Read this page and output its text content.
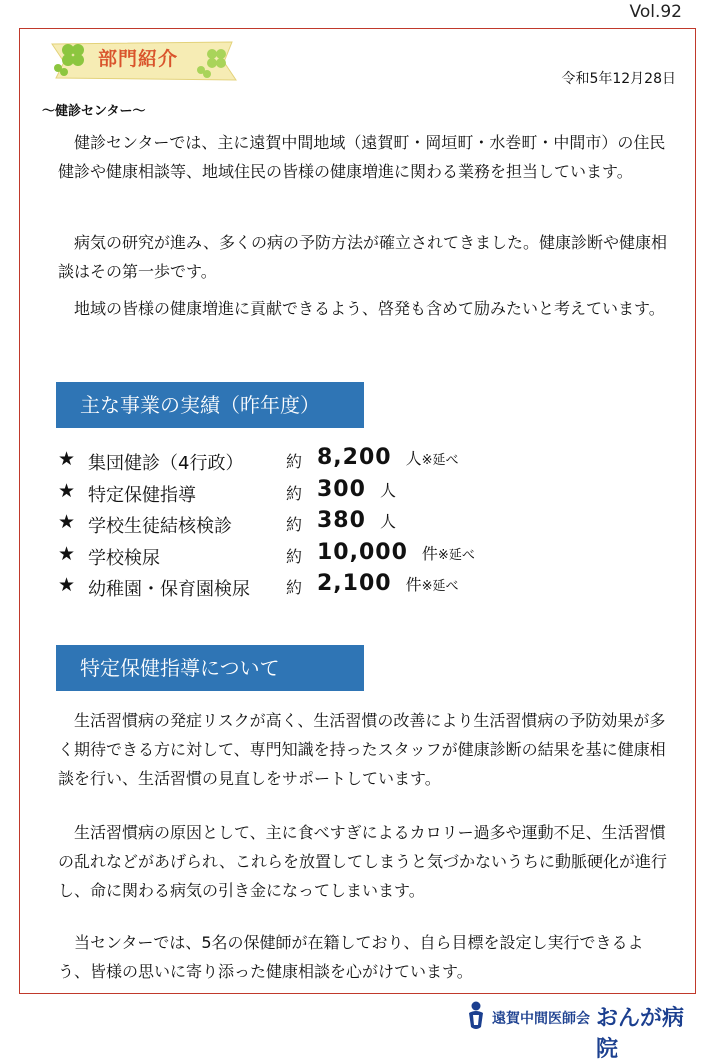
Vol.92
部門紹介
令和5年12月28日
～健診センター～

　健診センターでは、主に遠賀中間地域（遠賀町・岡垣町・水巻町・中間市）の住民健診や健康相談等、地域住民の皆様の健康増進に関わる業務を担当しています。

　病気の研究が進み、多くの病の予防方法が確立されてきました。健康診断や健康相談はその第一歩です。

　地域の皆様の健康増進に貢献できるよう、啓発も含めて励みたいと考えています。

主な事業の実績（昨年度）
★ 集団健診（4行政）	約 8,200 人※延べ
★ 特定保健指導	約 300 人
★ 学校生徒結核検診	約 380 人
★ 学校検尿	約 10,000 件※延べ
★ 幼稚園・保育園検尿 約 2,100 件※延べ
特定保健指導について

　生活習慣病の発症リスクが高く、生活習慣の改善により生活習慣病の予防効果が多く期待できる方に対して、専門知識を持ったスタッフが健康診断の結果を基に健康相談を行い、生活習慣の見直しをサポートしています。

　生活習慣病の原因として、主に食べすぎによるカロリー過多や運動不足、生活習慣の乱れなどがあげられ、これらを放置してしまうと気づかないうちに動脈硬化が進行し、命に関わる病気の引き金になってしまいます。

　当センターでは、5名の保健師が在籍しており、自ら目標を設定し実行できるよう、皆様の思いに寄り添った健康相談を心がけています。

遠賀中間医師会 おんが病院
